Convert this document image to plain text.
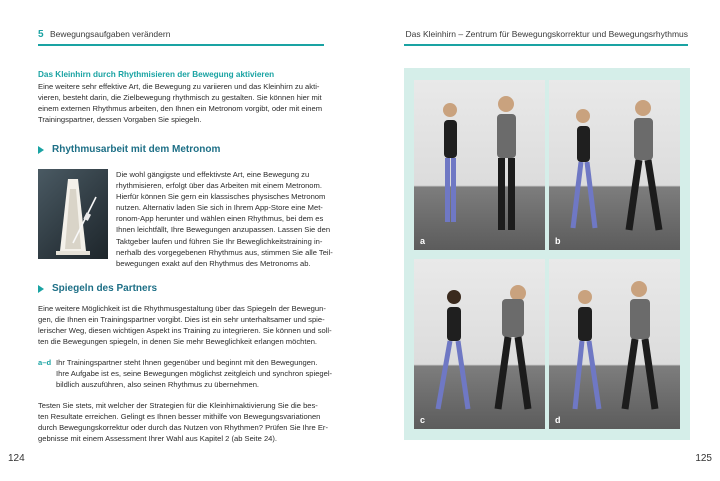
5 Bewegungsaufgaben verändern	Das Kleinhirn – Zentrum für Bewegungskorrektur und Bewegungsrhythmus
Das Kleinhirn durch Rhythmisieren der Bewegung aktivieren
Eine weitere sehr effektive Art, die Bewegung zu variieren und das Kleinhirn zu akti-
vieren, besteht darin, die Zielbewegung rhythmisch zu gestalten. Sie können hier mit
einem externen Rhythmus arbeiten, den Ihnen ein Metronom vorgibt, oder mit einem
Trainingspartner, dessen Vorgaben Sie spiegeln.
Rhythmusarbeit mit dem Metronom
Die wohl gängigste und effektivste Art, eine Bewegung zu
rhythmisieren, erfolgt über das Arbeiten mit einem Metronom.
Hierfür können Sie gern ein klassisches physisches Metronom
nutzen. Alternativ laden Sie sich in Ihrem App-Store eine Met-
ronom-App herunter und wählen einen Rhythmus, bei dem es
Ihnen leichtfällt, Ihre Bewegungen anzupassen. Lassen Sie den
Taktgeber laufen und führen Sie Ihr Beweglichkeitstraining in-
nerhalb des vorgegebenen Rhythmus aus, stimmen Sie alle Teil-
bewegungen exakt auf den Rhythmus des Metronoms ab.
Spiegeln des Partners
Eine weitere Möglichkeit ist die Rhythmusgestaltung über das Spiegeln der Bewegun-
gen, die Ihnen ein Trainingspartner vorgibt. Dies ist ein sehr unterhaltsamer und spie-
lerischer Weg, diesen wichtigen Aspekt ins Training zu integrieren. Sie können und soll-
ten die Bewegungen spiegeln, in denen Sie mehr Beweglichkeit erlangen möchten.
a–d Ihr Trainingspartner steht Ihnen gegenüber und beginnt mit den Bewegungen.
Ihre Aufgabe ist es, seine Bewegungen möglichst zeitgleich und synchron spiegel-
bildlich auszuführen, also seinen Rhythmus zu übernehmen.
Testen Sie stets, mit welcher der Strategien für die Kleinhirnaktivierung Sie die bes-
ten Resultate erreichen. Gelingt es Ihnen besser mithilfe von Bewegungsvariationen
durch Bewegungskorrektur oder durch das Nutzen von Rhythmen? Prüfen Sie Ihre Er-
gebnisse mit einem Assessment Ihrer Wahl aus Kapitel 2 (ab Seite 24).
a	b
c	d
124	125
